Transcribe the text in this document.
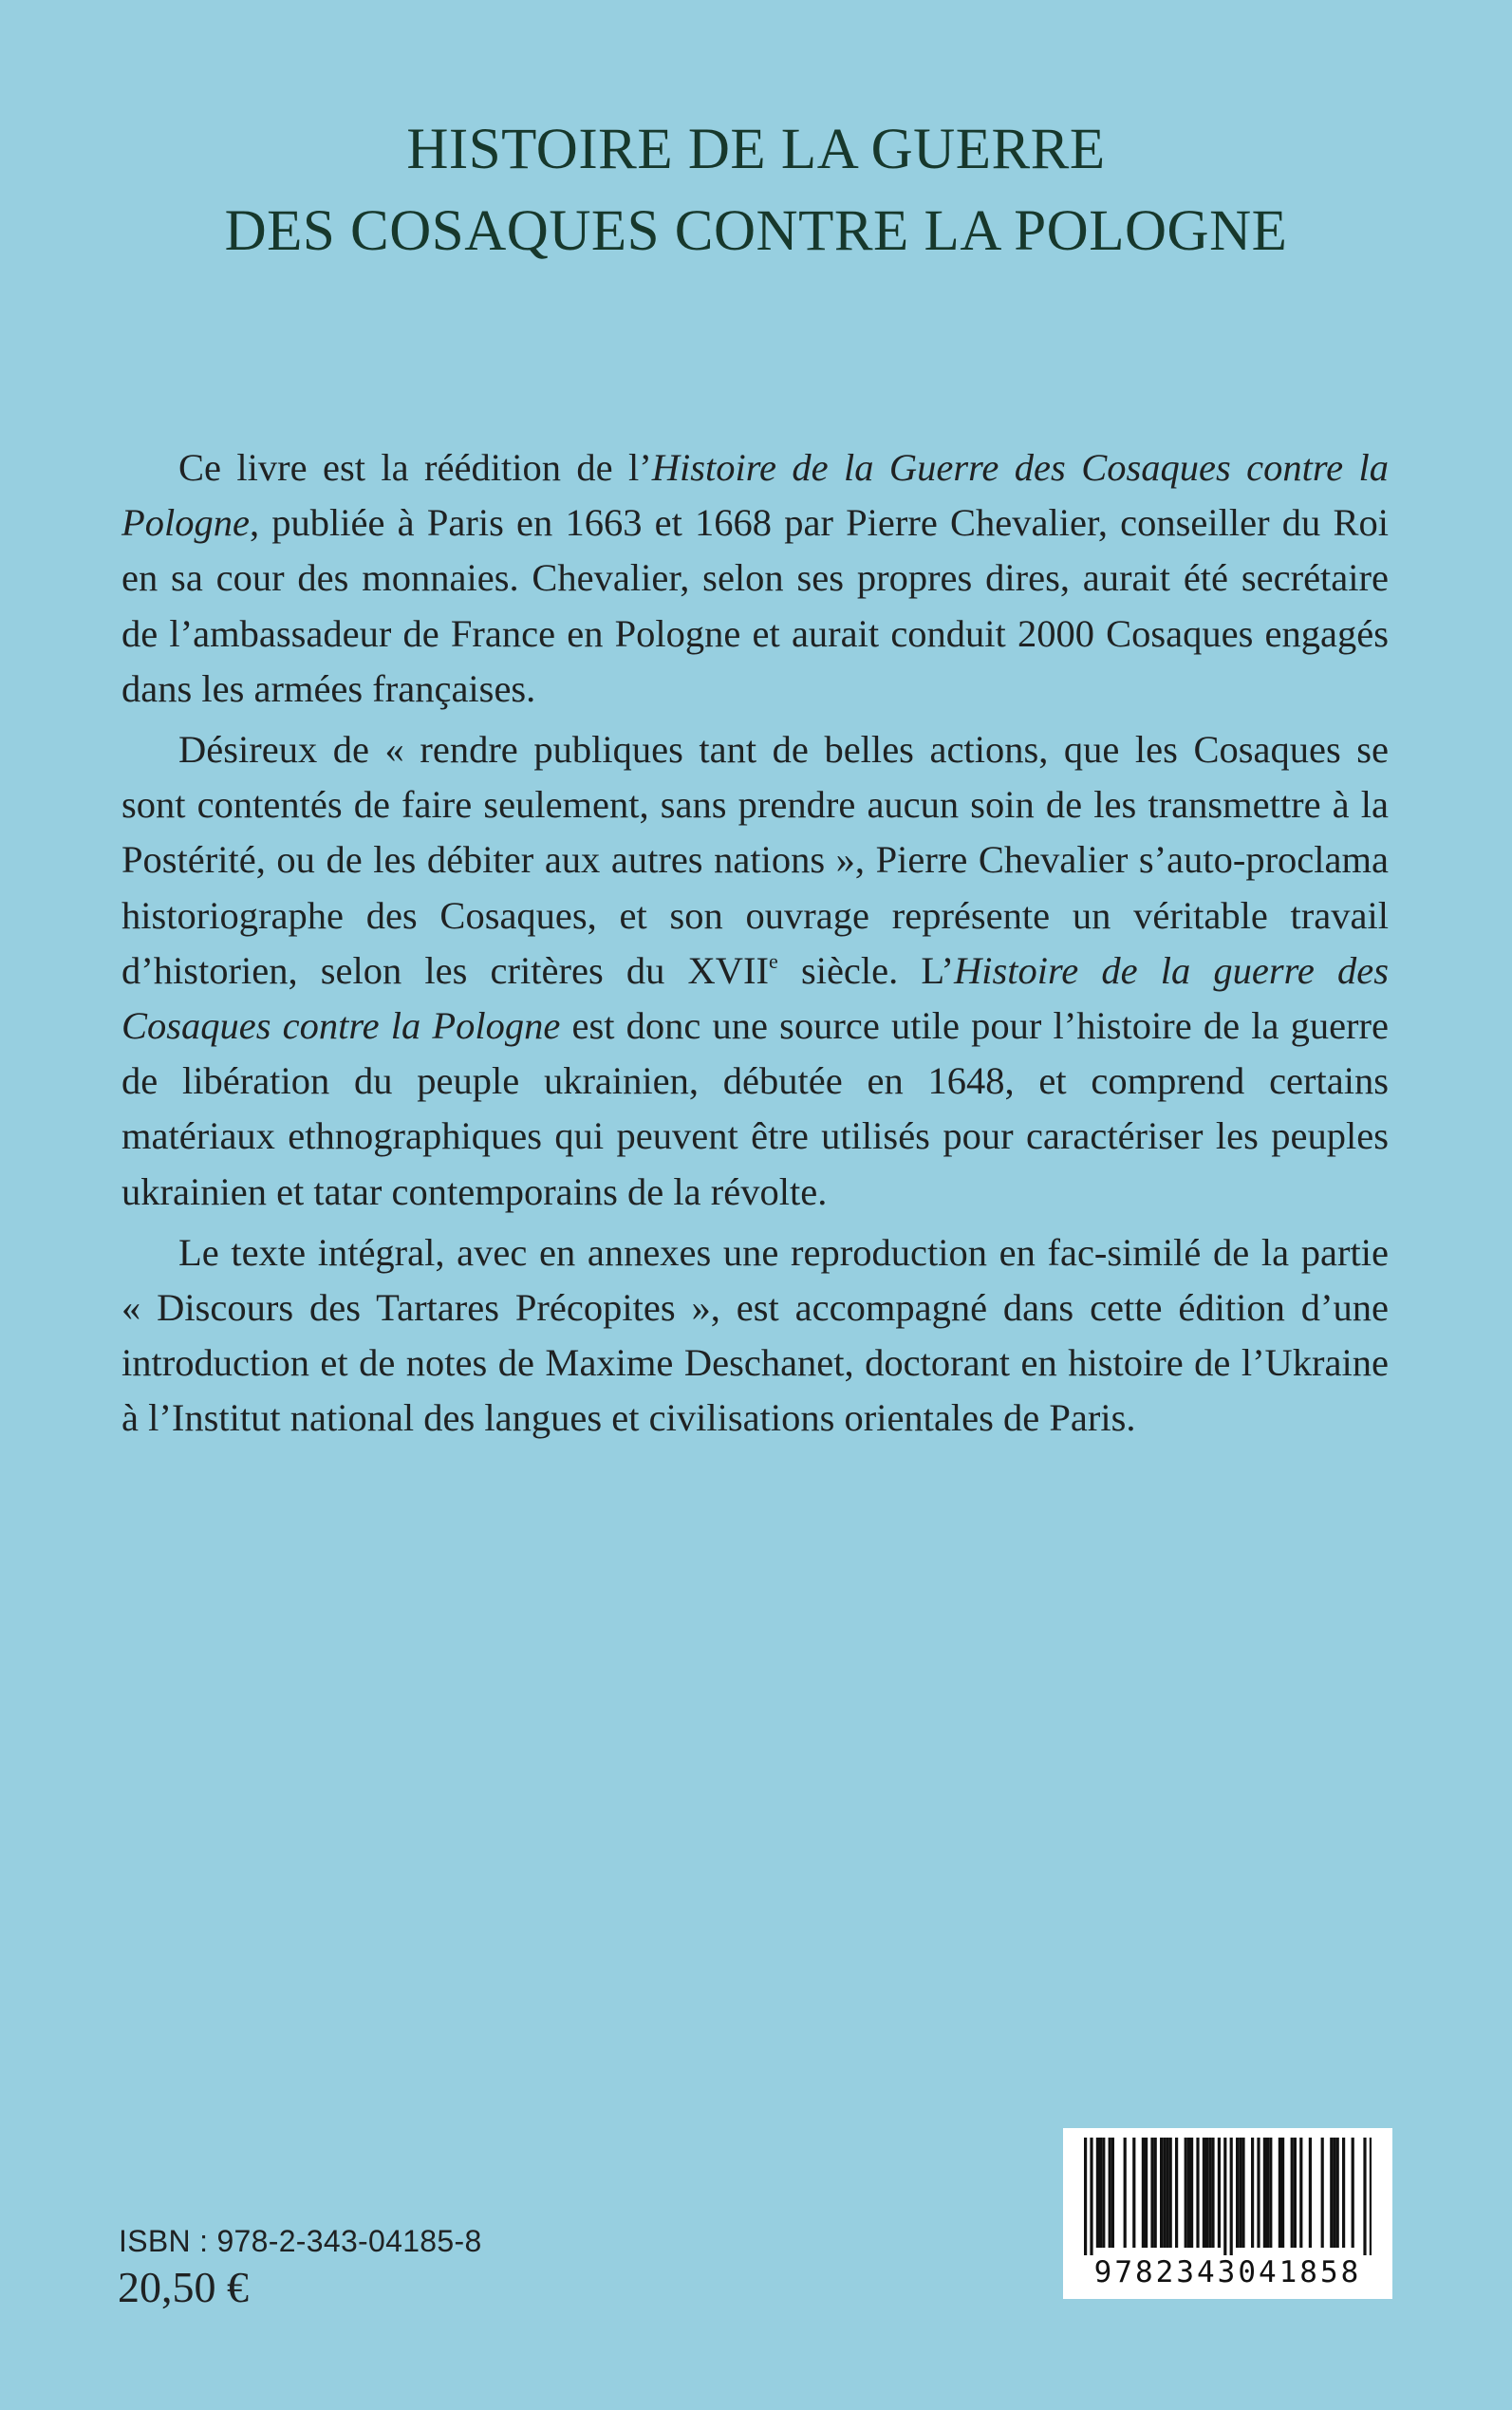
HISTOIRE DE LA GUERRE
DES COSAQUES CONTRE LA POLOGNE

Ce livre est la réédition de l’Histoire de la Guerre des Cosaques contre la Pologne, publiée à Paris en 1663 et 1668 par Pierre Chevalier, conseiller du Roi en sa cour des monnaies. Chevalier, selon ses propres dires, aurait été secrétaire de l’ambassadeur de France en Pologne et aurait conduit 2000 Cosaques engagés dans les armées françaises.

Désireux de « rendre publiques tant de belles actions, que les Cosaques se sont contentés de faire seulement, sans prendre aucun soin de les transmettre à la Postérité, ou de les débiter aux autres nations », Pierre Chevalier s’auto-proclama historiographe des Cosaques, et son ouvrage représente un véritable travail d’historien, selon les critères du XVIIe siècle. L’Histoire de la guerre des Cosaques contre la Pologne est donc une source utile pour l’histoire de la guerre de libération du peuple ukrainien, débutée en 1648, et comprend certains matériaux ethnographiques qui peuvent être utilisés pour caractériser les peuples ukrainien et tatar contemporains de la révolte.

Le texte intégral, avec en annexes une reproduction en fac-similé de la partie « Discours des Tartares Précopites », est accompagné dans cette édition d’une introduction et de notes de Maxime Deschanet, doctorant en histoire de l’Ukraine à l’Institut national des langues et civilisations orientales de Paris.

ISBN : 978-2-343-04185-8
20,50 €	9782343041858
